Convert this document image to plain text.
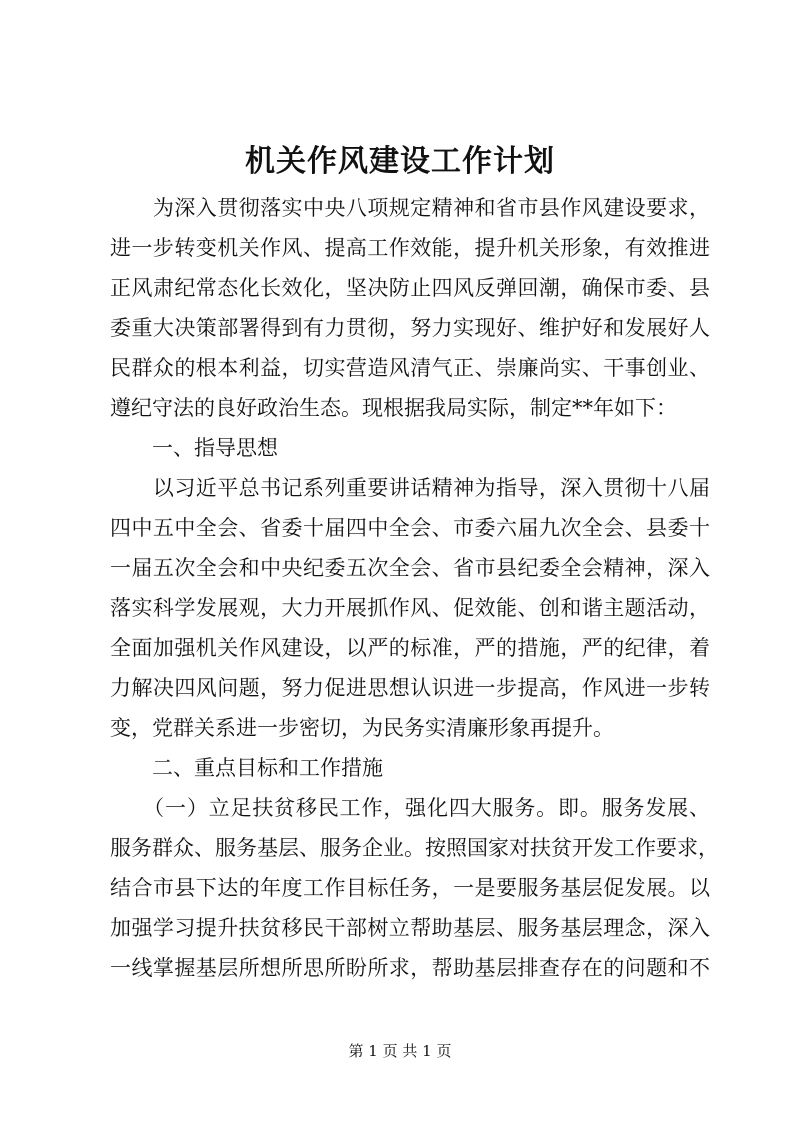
机关作风建设工作计划
　　为深入贯彻落实中央八项规定精神和省市县作风建设要求，
进一步转变机关作风、提高工作效能，提升机关形象，有效推进
正风肃纪常态化长效化，坚决防止四风反弹回潮，确保市委、县
委重大决策部署得到有力贯彻，努力实现好、维护好和发展好人
民群众的根本利益，切实营造风清气正、崇廉尚实、干事创业、
遵纪守法的良好政治生态。现根据我局实际，制定**年如下：
　　一、指导思想
　　以习近平总书记系列重要讲话精神为指导，深入贯彻十八届
四中五中全会、省委十届四中全会、市委六届九次全会、县委十
一届五次全会和中央纪委五次全会、省市县纪委全会精神，深入
落实科学发展观，大力开展抓作风、促效能、创和谐主题活动，
全面加强机关作风建设，以严的标准，严的措施，严的纪律，着
力解决四风问题，努力促进思想认识进一步提高，作风进一步转
变，党群关系进一步密切，为民务实清廉形象再提升。
　　二、重点目标和工作措施
　　（一）立足扶贫移民工作，强化四大服务。即。服务发展、
服务群众、服务基层、服务企业。按照国家对扶贫开发工作要求，
结合市县下达的年度工作目标任务，一是要服务基层促发展。以
加强学习提升扶贫移民干部树立帮助基层、服务基层理念，深入
一线掌握基层所想所思所盼所求，帮助基层排查存在的问题和不
第 1 页 共 1 页
